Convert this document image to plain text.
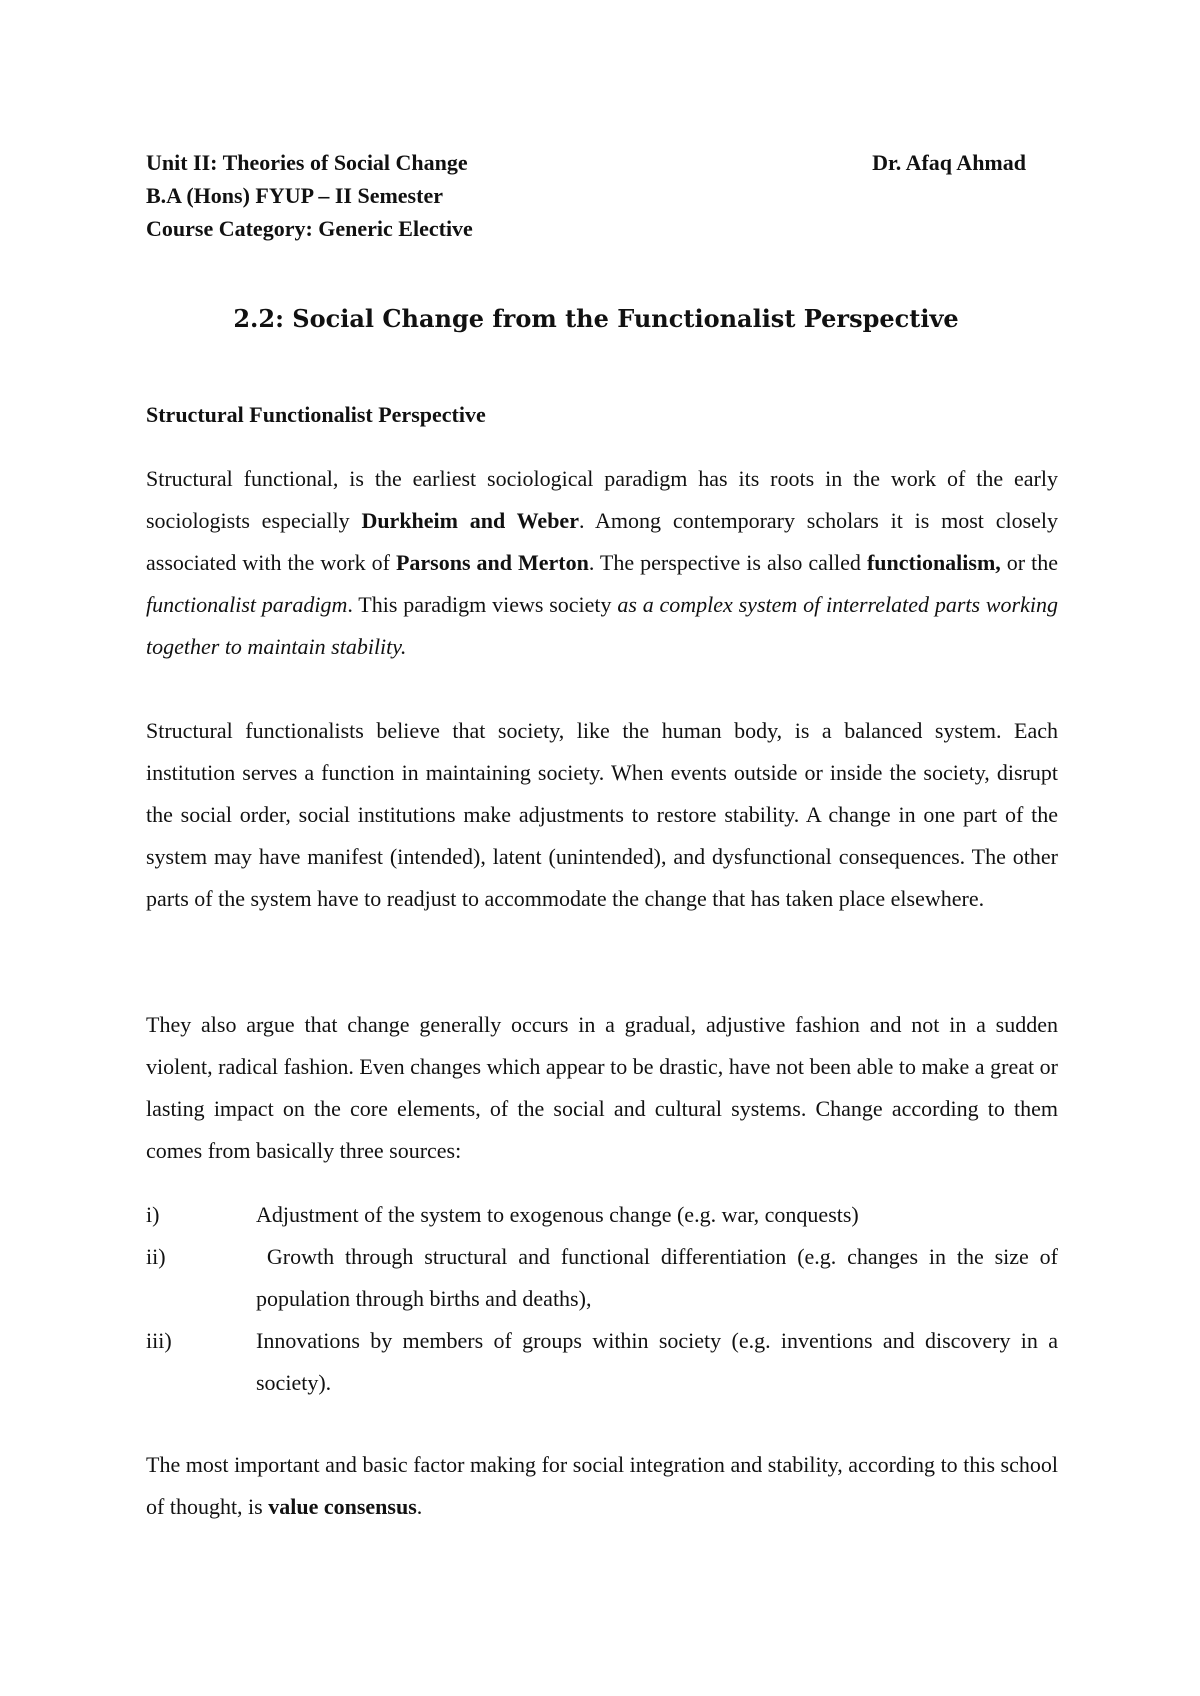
Unit II: Theories of Social Change	Dr. Afaq Ahmad
B.A (Hons) FYUP – II Semester
Course Category: Generic Elective
2.2: Social Change from the Functionalist Perspective
Structural Functionalist Perspective
Structural functional, is the earliest sociological paradigm has its roots in the work of the early sociologists especially Durkheim and Weber. Among contemporary scholars it is most closely associated with the work of Parsons and Merton. The perspective is also called functionalism, or the functionalist paradigm. This paradigm views society as a complex system of interrelated parts working together to maintain stability.
Structural functionalists believe that society, like the human body, is a balanced system. Each institution serves a function in maintaining society. When events outside or inside the society, disrupt the social order, social institutions make adjustments to restore stability. A change in one part of the system may have manifest (intended), latent (unintended), and dysfunctional consequences. The other parts of the system have to readjust to accommodate the change that has taken place elsewhere.
They also argue that change generally occurs in a gradual, adjustive fashion and not in a sudden violent, radical fashion. Even changes which appear to be drastic, have not been able to make a great or lasting impact on the core elements, of the social and cultural systems. Change according to them comes from basically three sources:
i)	Adjustment of the system to exogenous change (e.g. war, conquests)
ii)	Growth through structural and functional differentiation (e.g. changes in the size of population through births and deaths),
iii)	Innovations by members of groups within society (e.g. inventions and discovery in a society).
The most important and basic factor making for social integration and stability, according to this school of thought, is value consensus.
